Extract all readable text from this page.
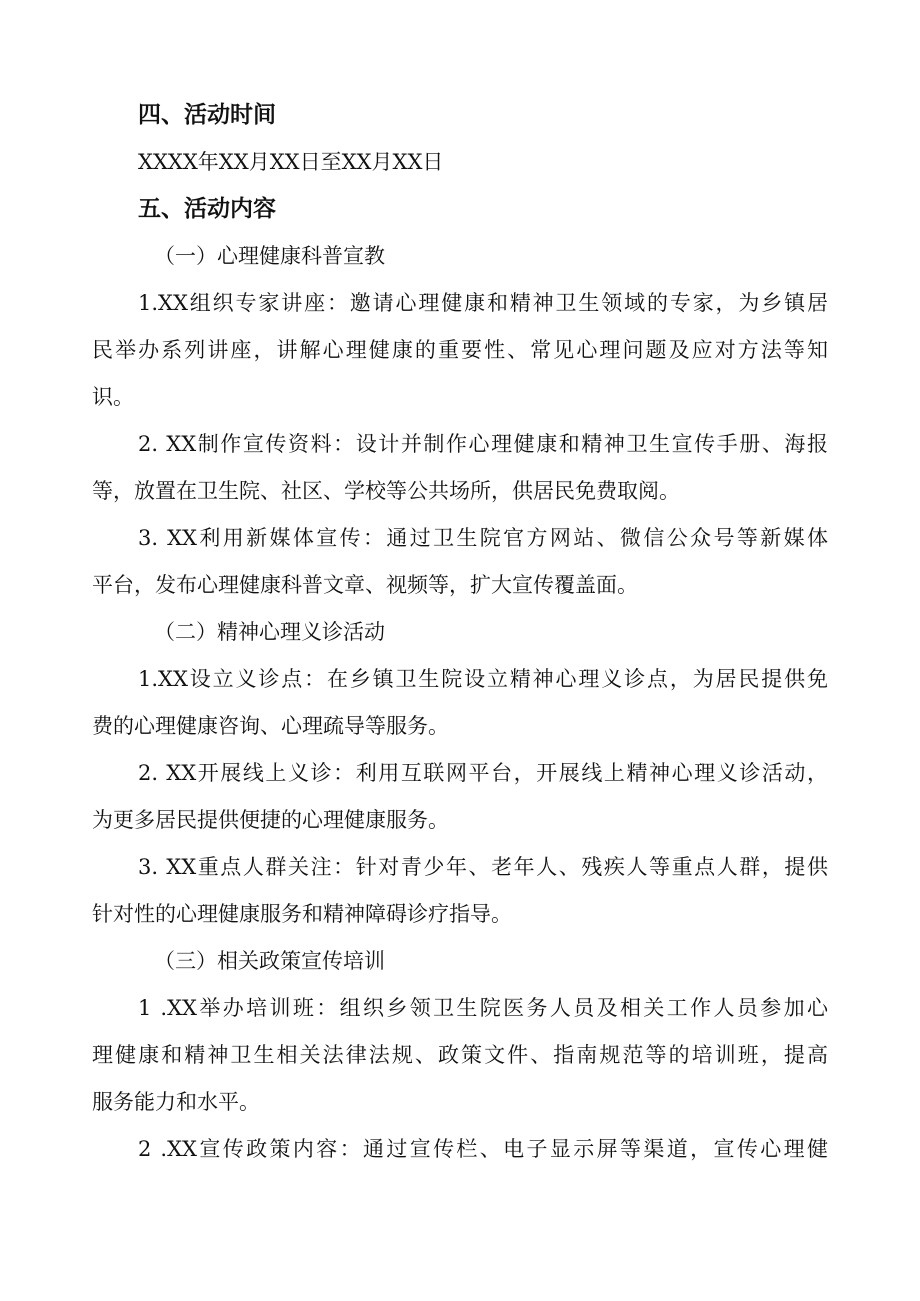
四、活动时间

XXXX年XX月XX日至XX月XX日

五、活动内容

（一）心理健康科普宣教

1.XX组织专家讲座：邀请心理健康和精神卫生领域的专家，为乡镇居
民举办系列讲座，讲解心理健康的重要性、常见心理问题及应对方法等知
识。
2. XX制作宣传资料：设计并制作心理健康和精神卫生宣传手册、海报
等，放置在卫生院、社区、学校等公共场所，供居民免费取阅。
3. XX利用新媒体宣传：通过卫生院官方网站、微信公众号等新媒体
平台，发布心理健康科普文章、视频等，扩大宣传覆盖面。

（二）精神心理义诊活动

1.XX设立义诊点：在乡镇卫生院设立精神心理义诊点，为居民提供免
费的心理健康咨询、心理疏导等服务。
2. XX开展线上义诊：利用互联网平台，开展线上精神心理义诊活动，
为更多居民提供便捷的心理健康服务。
3. XX重点人群关注：针对青少年、老年人、残疾人等重点人群，提供
针对性的心理健康服务和精神障碍诊疗指导。

（三）相关政策宣传培训

1 .XX举办培训班：组织乡领卫生院医务人员及相关工作人员参加心
理健康和精神卫生相关法律法规、政策文件、指南规范等的培训班，提高
服务能力和水平。
2 .XX宣传政策内容：通过宣传栏、电子显示屏等渠道，宣传心理健
